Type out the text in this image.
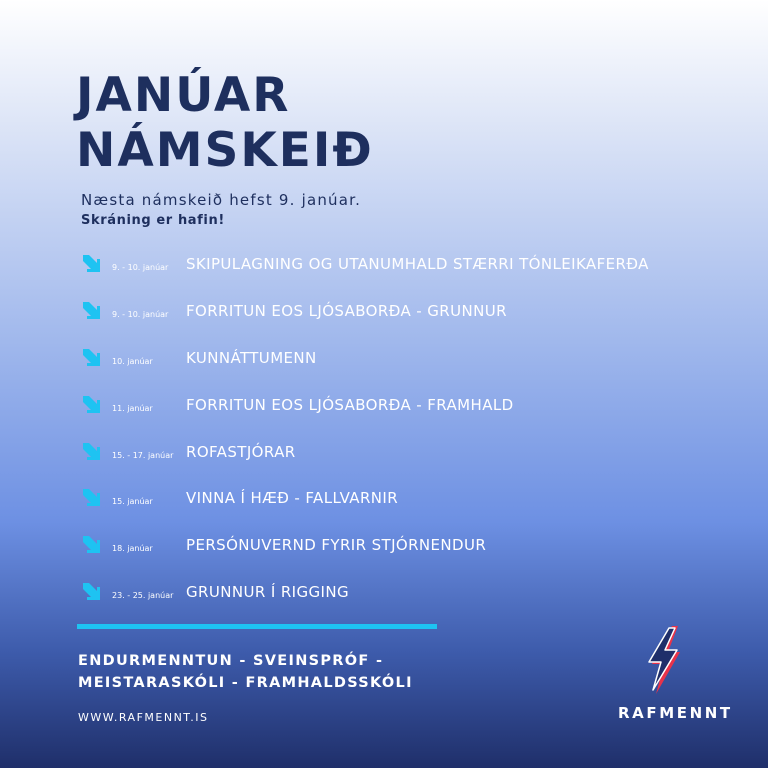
JANÚAR
NÁMSKEIÐ
Næsta námskeið hefst 9. janúar.
Skráning er hafin!
9. - 10. janúar SKIPULAGNING OG UTANUMHALD STÆRRI TÓNLEIKAFERÐA
9. - 10. janúar FORRITUN EOS LJÓSABORÐA - GRUNNUR
10. janúar KUNNÁTTUMENN
11. janúar FORRITUN EOS LJÓSABORÐA - FRAMHALD
15. - 17. janúar ROFASTJÓRAR
15. janúar VINNA Í HÆÐ - FALLVARNIR
18. janúar PERSÓNUVERND FYRIR STJÓRNENDUR
23. - 25. janúar GRUNNUR Í RIGGING
ENDURMENNTUN - SVEINSPRÓF -
MEISTARASKÓLI - FRAMHALDSSKÓLI
WWW.RAFMENNT.IS	RAFMENNT
